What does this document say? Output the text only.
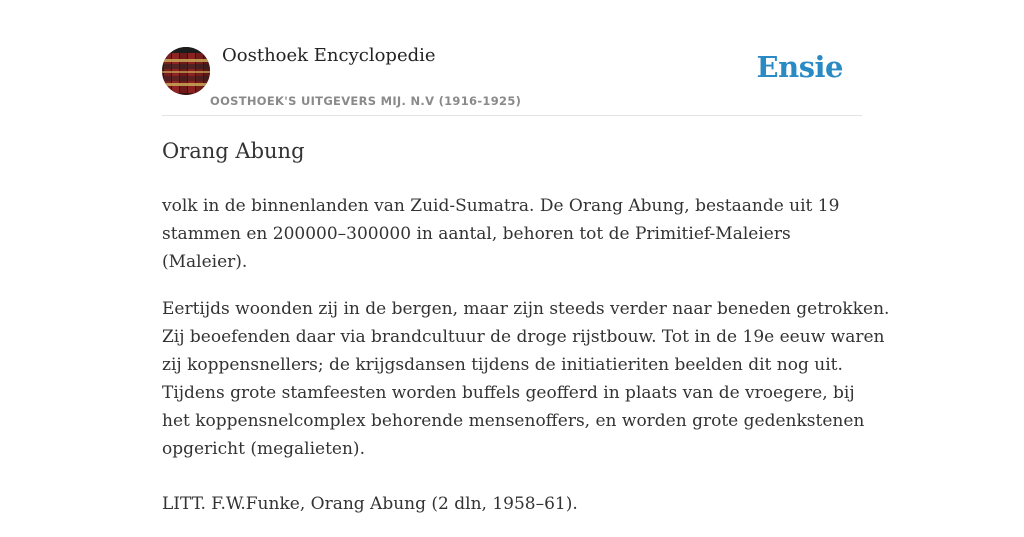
Oosthoek Encyclopedie
OOSTHOEK'S UITGEVERS MIJ. N.V (1916-1925)
Ensie
Orang Abung

volk in de binnenlanden van Zuid-Sumatra. De Orang Abung, bestaande uit 19
stammen en 200000–300000 in aantal, behoren tot de Primitief-Maleiers
(Maleier).

Eertijds woonden zij in de bergen, maar zijn steeds verder naar beneden getrokken.
Zij beoefenden daar via brandcultuur de droge rijstbouw. Tot in de 19e eeuw waren
zij koppensnellers; de krijgsdansen tijdens de initiatieriten beelden dit nog uit.
Tijdens grote stamfeesten worden buffels geofferd in plaats van de vroegere, bij
het koppensnelcomplex behorende mensenoffers, en worden grote gedenkstenen
opgericht (megalieten).

LITT. F.W.Funke, Orang Abung (2 dln, 1958–61).
